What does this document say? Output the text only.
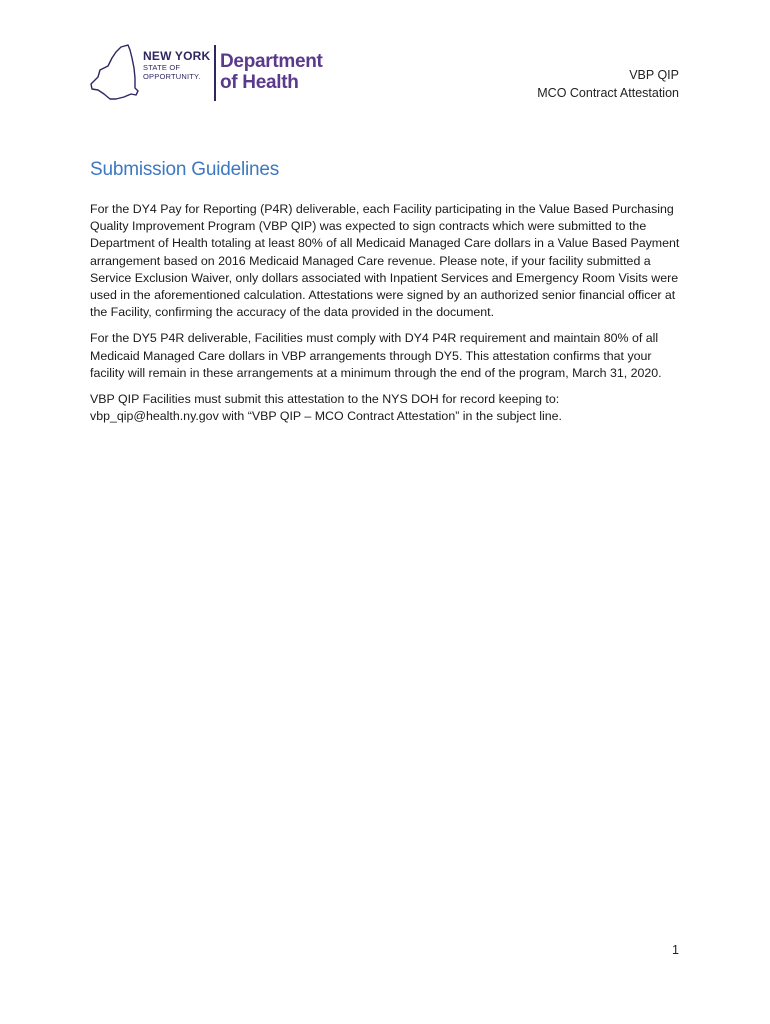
NEW YORK
STATE OF
OPPORTUNITY.
Department
of Health	VBP QIP
MCO Contract Attestation
Submission Guidelines

For the DY4 Pay for Reporting (P4R) deliverable, each Facility participating in the Value Based Purchasing Quality Improvement Program (VBP QIP) was expected to sign contracts which were submitted to the Department of Health totaling at least 80% of all Medicaid Managed Care dollars in a Value Based Payment arrangement based on 2016 Medicaid Managed Care revenue. Please note, if your facility submitted a Service Exclusion Waiver, only dollars associated with Inpatient Services and Emergency Room Visits were used in the aforementioned calculation. Attestations were signed by an authorized senior financial officer at the Facility, confirming the accuracy of the data provided in the document.

For the DY5 P4R deliverable, Facilities must comply with DY4 P4R requirement and maintain 80% of all Medicaid Managed Care dollars in VBP arrangements through DY5. This attestation confirms that your facility will remain in these arrangements at a minimum through the end of the program, March 31, 2020.

VBP QIP Facilities must submit this attestation to the NYS DOH for record keeping to: vbp_qip@health.ny.gov with “VBP QIP – MCO Contract Attestation” in the subject line.

1
